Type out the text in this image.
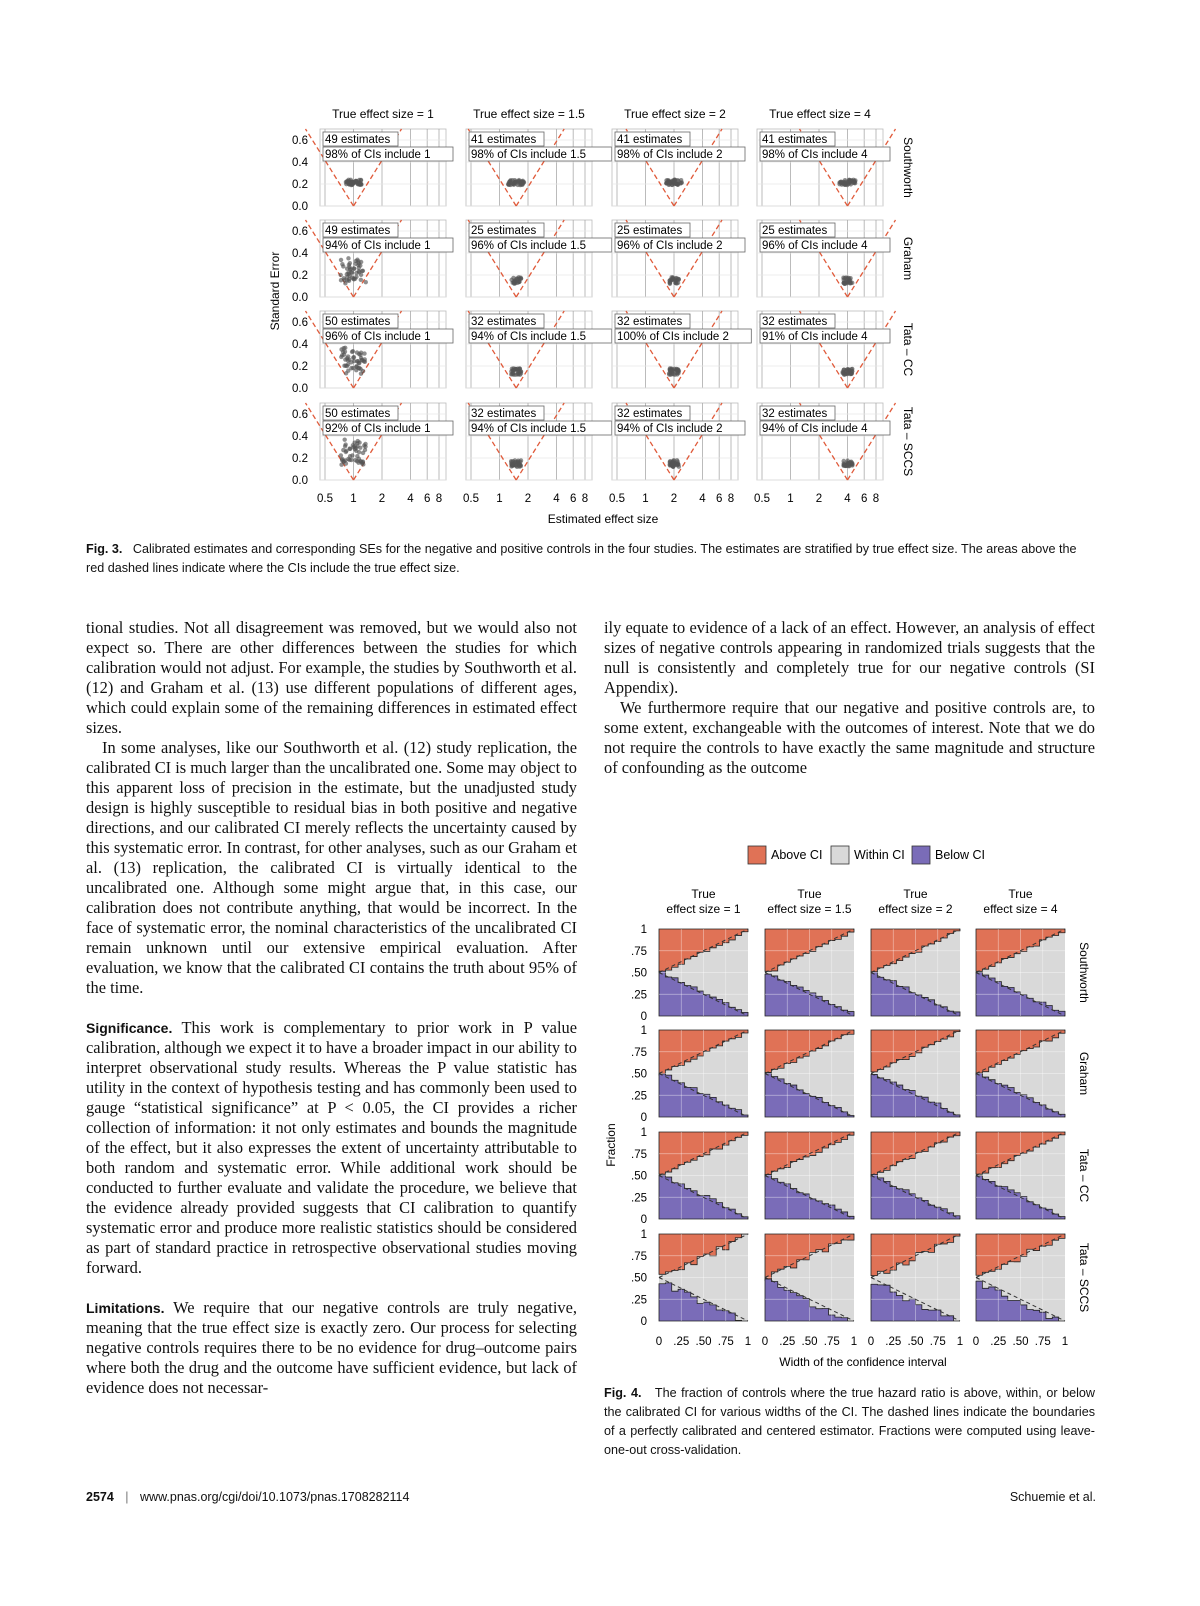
True effect size = 1	True effect size = 1.5	True effect size = 2	True effect size = 4
Southworth
0.6
0.4
0.2
0.0
Graham
0.6
0.4
0.2
0.0
Tata – CC
0.6
0.4
0.2
0.0
Tata – SCCS
0.6
0.4
0.2
0.0
Standard Error
49 estimates
98% of CIs include 1
41 estimates
98% of CIs include 1.5
41 estimates
98% of CIs include 2
41 estimates
98% of CIs include 4
49 estimates
94% of CIs include 1
25 estimates
96% of CIs include 1.5
25 estimates
96% of CIs include 2
25 estimates
96% of CIs include 4
50 estimates
96% of CIs include 1
32 estimates
94% of CIs include 1.5
32 estimates
100% of CIs include 2
32 estimates
91% of CIs include 4
50 estimates
92% of CIs include 1
32 estimates
94% of CIs include 1.5
32 estimates
94% of CIs include 2
32 estimates
94% of CIs include 4
0.5 1 2 4 6 8 0.5 1 2 4 6 8 0.5 1 2 4 6 8 0.5 1 2 4 6 8
Estimated effect size
Fig. 3. Calibrated estimates and corresponding SEs for the negative and positive controls in the four studies. The estimates are stratified by true effect size. The areas above the red dashed lines indicate where the CIs include the true effect size.

tional studies. Not all disagreement was removed, but we would also not expect so. There are other differences between the studies for which calibration would not adjust. For example, the studies by Southworth et al. (12) and Graham et al. (13) use different populations of different ages, which could explain some of the remaining differences in estimated effect sizes.

In some analyses, like our Southworth et al. (12) study replication, the calibrated CI is much larger than the uncalibrated one. Some may object to this apparent loss of precision in the estimate, but the unadjusted study design is highly susceptible to residual bias in both positive and negative directions, and our calibrated CI merely reflects the uncertainty caused by this systematic error. In contrast, for other analyses, such as our Graham et al. (13) replication, the calibrated CI is virtually identical to the uncalibrated one. Although some might argue that, in this case, our calibration does not contribute anything, that would be incorrect. In the face of systematic error, the nominal characteristics of the uncalibrated CI remain unknown until our extensive empirical evaluation. After evaluation, we know that the calibrated CI contains the truth about 95% of the time.

Significance. This work is complementary to prior work in P value calibration, although we expect it to have a broader impact in our ability to interpret observational study results. Whereas the P value statistic has utility in the context of hypothesis testing and has commonly been used to gauge “statistical significance” at P < 0.05, the CI provides a richer collection of information: it not only estimates and bounds the magnitude of the effect, but it also expresses the extent of uncertainty attributable to both random and systematic error. While additional work should be conducted to further evaluate and validate the procedure, we believe that the evidence already provided suggests that CI calibration to quantify systematic error and produce more realistic statistics should be considered as part of standard practice in retrospective observational studies moving forward.

Limitations. We require that our negative controls are truly negative, meaning that the true effect size is exactly zero. Our process for selecting negative controls requires there to be no evidence for drug–outcome pairs where both the drug and the outcome have sufficient evidence, but lack of evidence does not necessar-

ily equate to evidence of a lack of an effect. However, an analysis of effect sizes of negative controls appearing in randomized trials suggests that the null is consistently and completely true for our negative controls (SI Appendix).

We furthermore require that our negative and positive controls are, to some extent, exchangeable with the outcomes of interest. Note that we do not require the controls to have exactly the same magnitude and structure of confounding as the outcome

Above CI	Within CI Below CI
True
effect size = 1
True
effect size = 1.5
True
effect size = 2
True
effect size = 4
Southworth
1
.75
.50
.25
0
Graham
1
.75
.50
.25
0
Tata – CC
1
.75
.50
.25
0
Tata – SCCS
1
.75
.50
.25
0
Fraction
0 .25 .50 .75 1 0 .25 .50 .75 1 0 .25 .50 .75 1 0 .25 .50 .75 1
Width of the confidence interval
Fig. 4. The fraction of controls where the true hazard ratio is above, within, or below the calibrated CI for various widths of the CI. The dashed lines indicate the boundaries of a perfectly calibrated and centered estimator. Fractions were computed using leave-one-out cross-validation.
2574 | www.pnas.org/cgi/doi/10.1073/pnas.1708282114	Schuemie et al.
